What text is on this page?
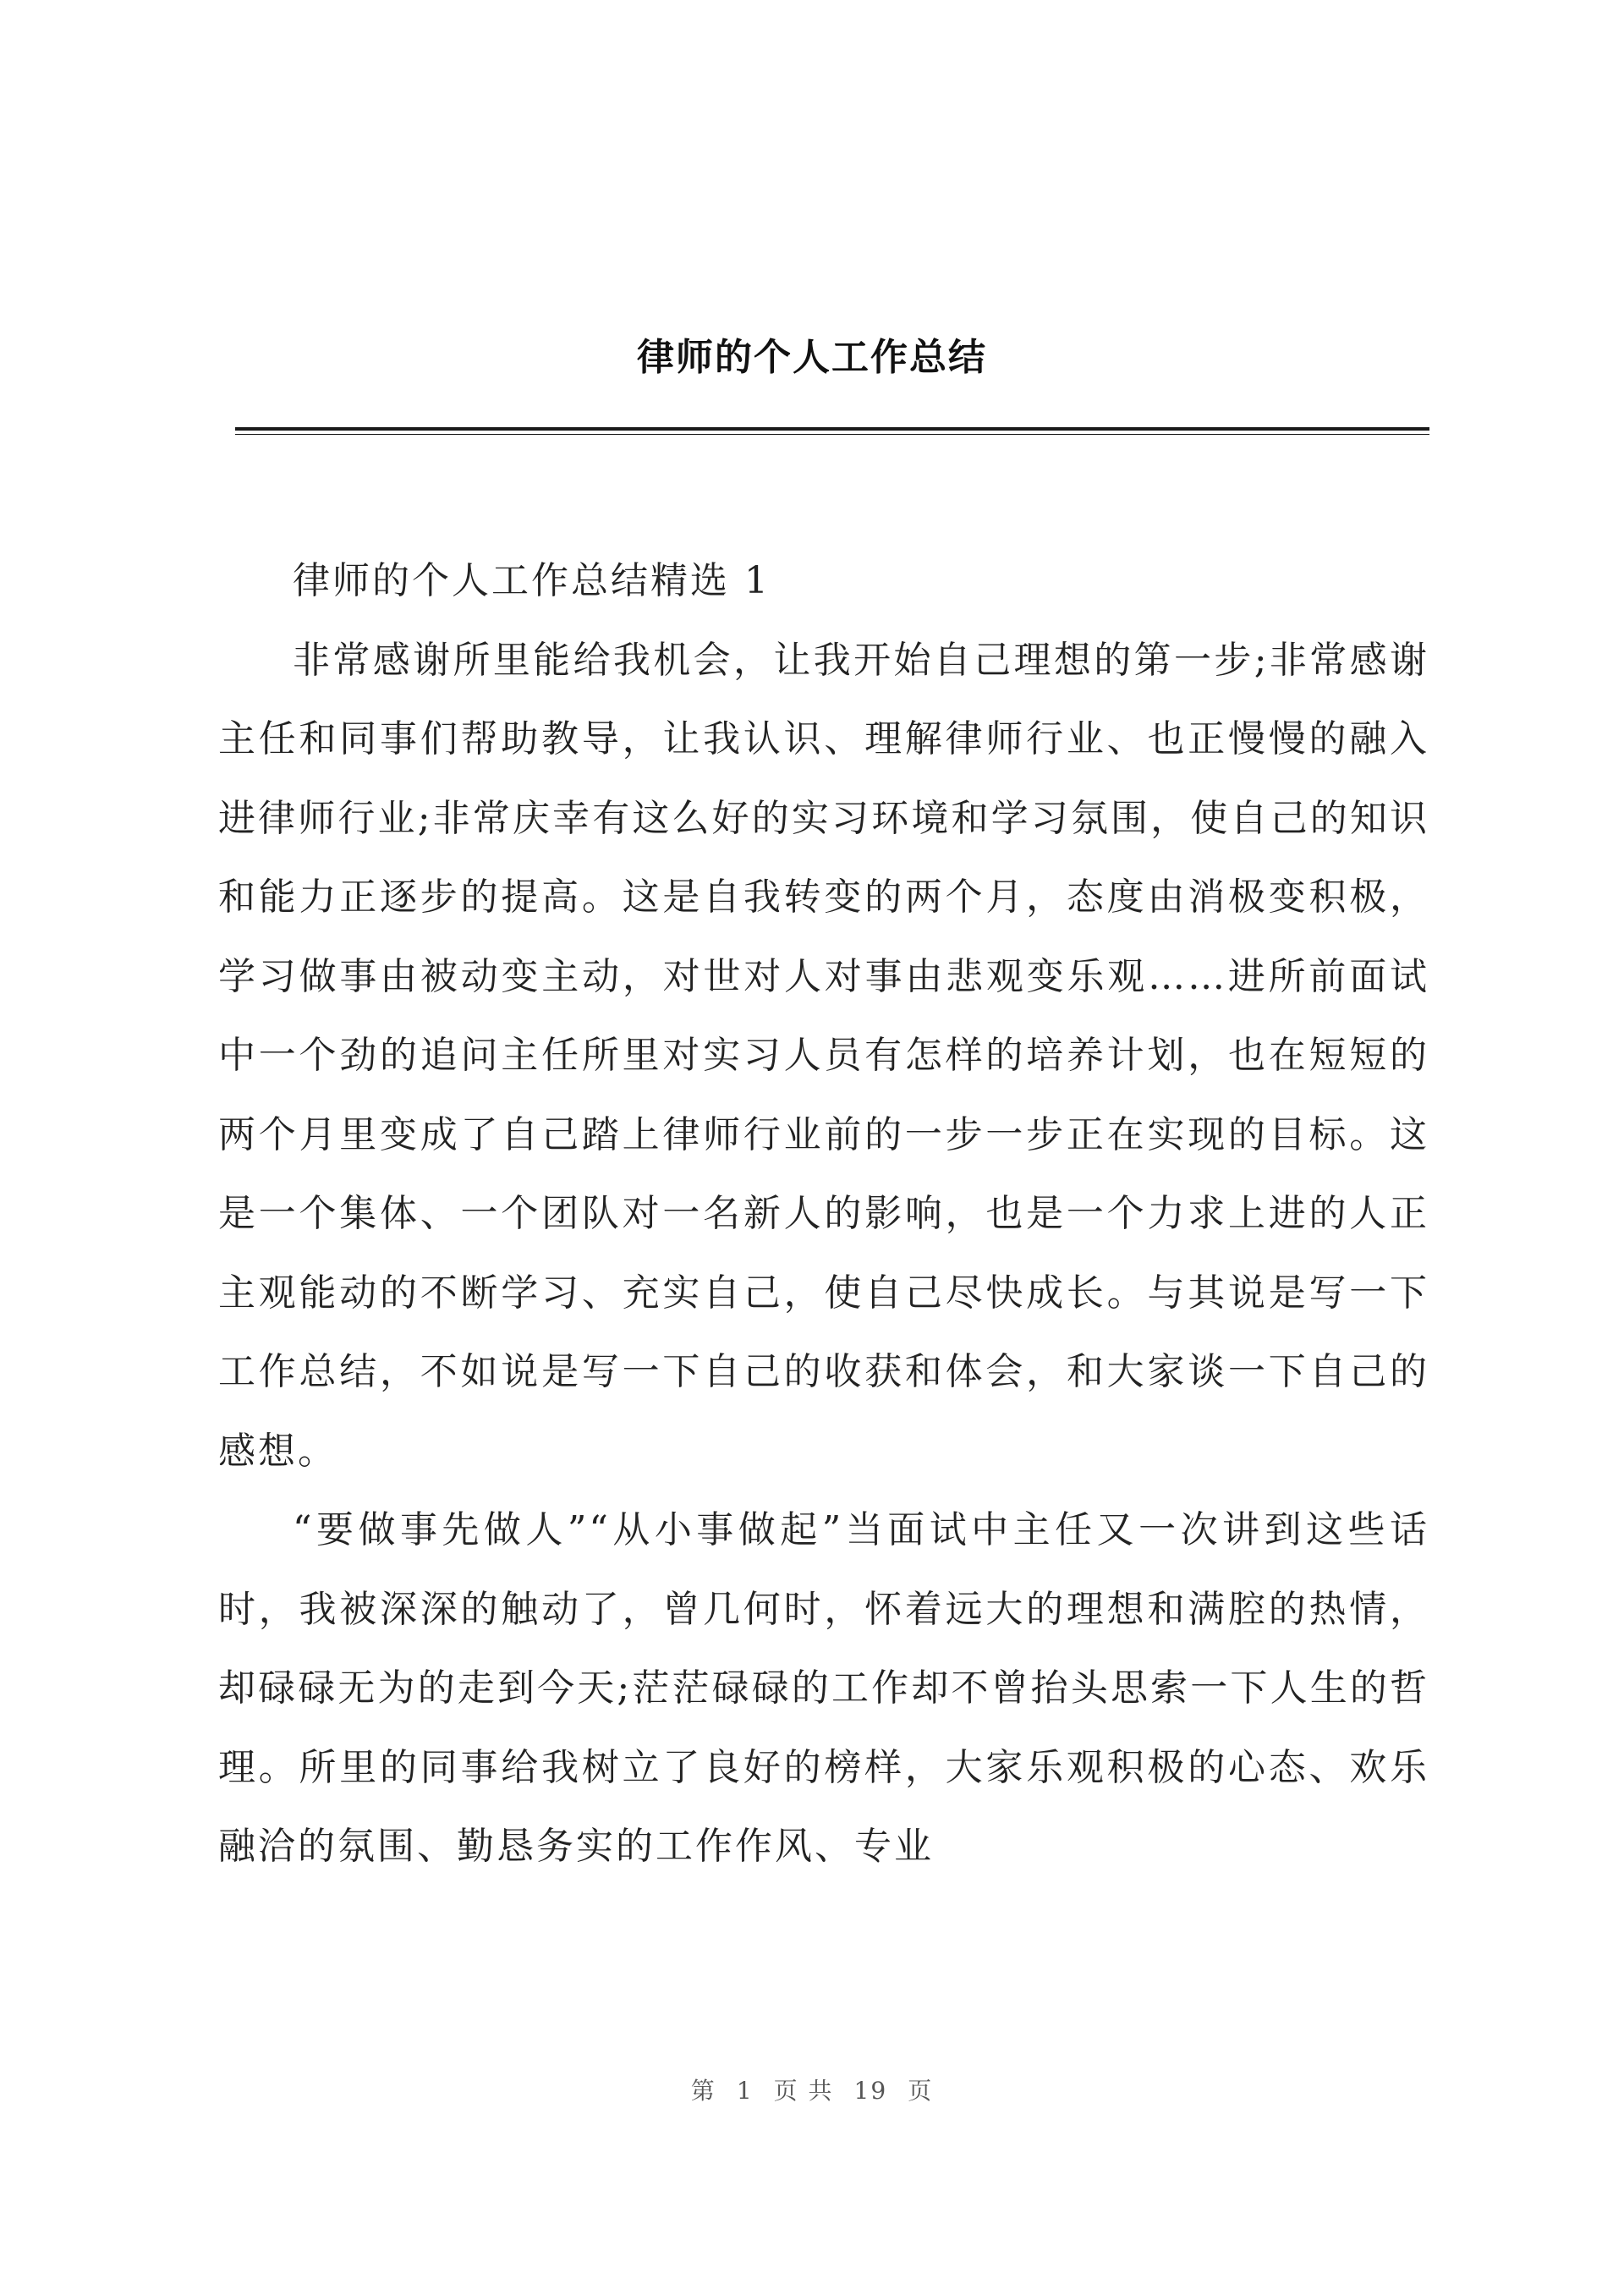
律师的个人工作总结

律师的个人工作总结精选 1

非常感谢所里能给我机会，让我开始自己理想的第一步;非常感谢主任和同事们帮助教导，让我认识、理解律师行业、也正慢慢的融入进律师行业;非常庆幸有这么好的实习环境和学习氛围，使自己的知识和能力正逐步的提高。这是自我转变的两个月，态度由消极变积极，学习做事由被动变主动，对世对人对事由悲观变乐观……进所前面试中一个劲的追问主任所里对实习人员有怎样的培养计划，也在短短的两个月里变成了自己踏上律师行业前的一步一步正在实现的目标。这是一个集体、一个团队对一名新人的影响，也是一个力求上进的人正主观能动的不断学习、充实自己，使自己尽快成长。与其说是写一下工作总结，不如说是写一下自己的收获和体会，和大家谈一下自己的感想。

“要做事先做人”“从小事做起”当面试中主任又一次讲到这些话时，我被深深的触动了，曾几何时，怀着远大的理想和满腔的热情，却碌碌无为的走到今天;茫茫碌碌的工作却不曾抬头思索一下人生的哲理。所里的同事给我树立了良好的榜样，大家乐观积极的心态、欢乐融洽的氛围、勤恳务实的工作作风、专业

第 1 页 共 19 页
